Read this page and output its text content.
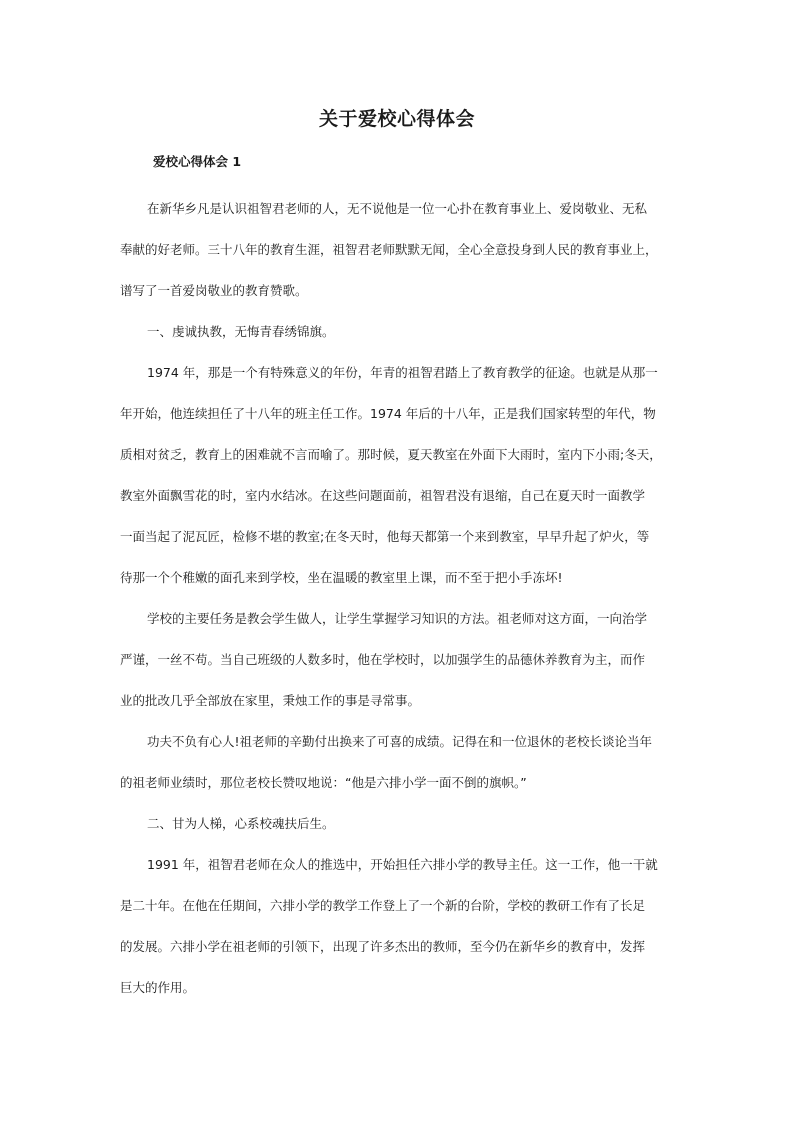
关于爱校心得体会
爱校心得体会 1
在新华乡凡是认识祖智君老师的人，无不说他是一位一心扑在教育事业上、爱岗敬业、无私
奉献的好老师。三十八年的教育生涯，祖智君老师默默无闻，全心全意投身到人民的教育事业上，
谱写了一首爱岗敬业的教育赞歌。
一、虔诚执教，无悔青春绣锦旗。
1974 年，那是一个有特殊意义的年份，年青的祖智君踏上了教育教学的征途。也就是从那一
年开始，他连续担任了十八年的班主任工作。1974 年后的十八年，正是我们国家转型的年代，物
质相对贫乏，教育上的困难就不言而喻了。那时候，夏天教室在外面下大雨时，室内下小雨;冬天，
教室外面飘雪花的时，室内水结冰。在这些问题面前，祖智君没有退缩，自己在夏天时一面教学
一面当起了泥瓦匠，检修不堪的教室;在冬天时，他每天都第一个来到教室，早早升起了炉火，等
待那一个个稚嫩的面孔来到学校，坐在温暖的教室里上课，而不至于把小手冻坏!
学校的主要任务是教会学生做人，让学生掌握学习知识的方法。祖老师对这方面，一向治学
严谨，一丝不苟。当自己班级的人数多时，他在学校时，以加强学生的品德休养教育为主，而作
业的批改几乎全部放在家里，秉烛工作的事是寻常事。
功夫不负有心人!祖老师的辛勤付出换来了可喜的成绩。记得在和一位退休的老校长谈论当年
的祖老师业绩时，那位老校长赞叹地说：“他是六排小学一面不倒的旗帜。”
二、甘为人梯，心系校魂扶后生。
1991 年，祖智君老师在众人的推选中，开始担任六排小学的教导主任。这一工作，他一干就
是二十年。在他在任期间，六排小学的教学工作登上了一个新的台阶，学校的教研工作有了长足
的发展。六排小学在祖老师的引领下，出现了许多杰出的教师，至今仍在新华乡的教育中，发挥
巨大的作用。
